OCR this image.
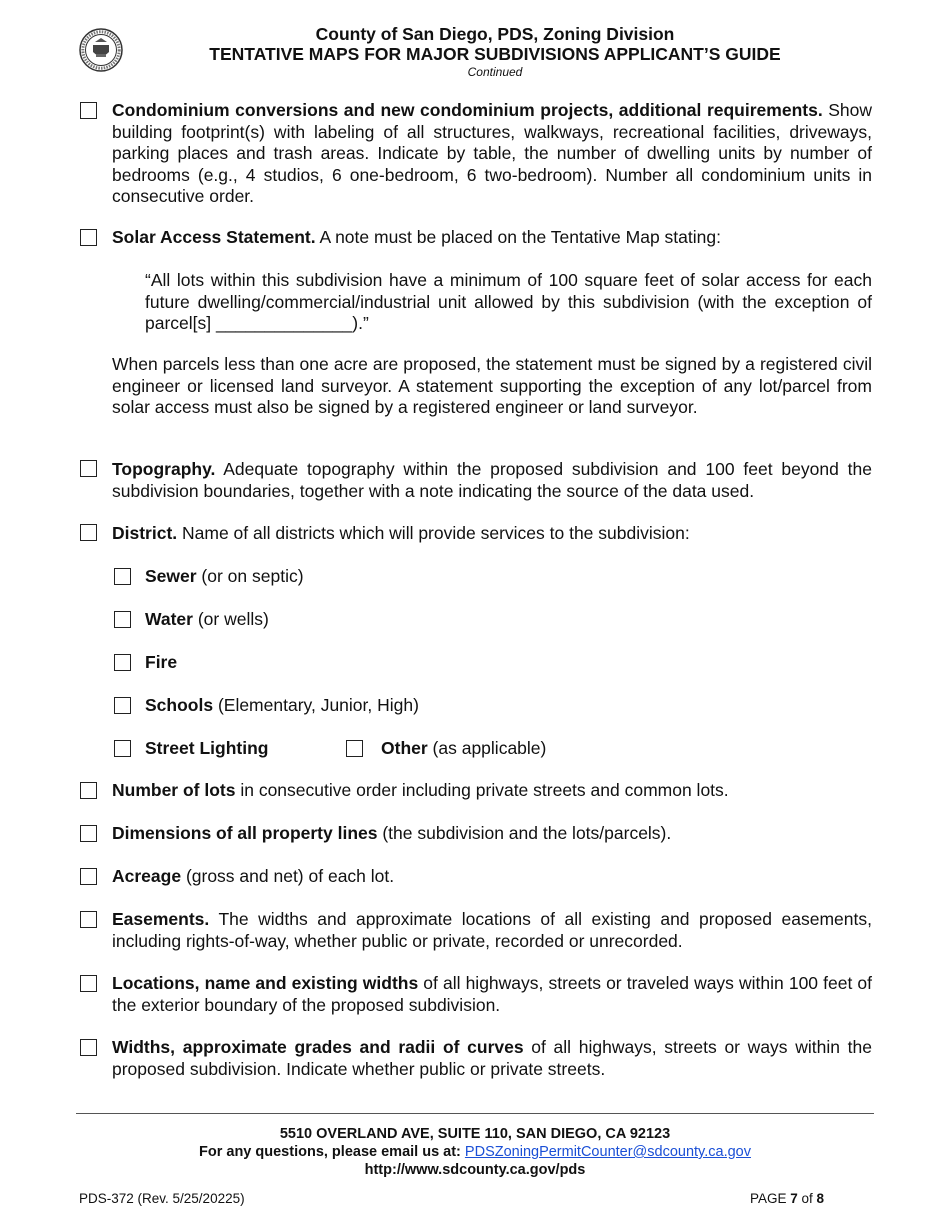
County of San Diego, PDS, Zoning Division
TENTATIVE MAPS FOR MAJOR SUBDIVISIONS APPLICANT’S GUIDE
Continued
Condominium conversions and new condominium projects, additional requirements. Show building footprint(s) with labeling of all structures, walkways, recreational facilities, driveways, parking places and trash areas. Indicate by table, the number of dwelling units by number of bedrooms (e.g., 4 studios, 6 one-bedroom, 6 two-bedroom). Number all condominium units in consecutive order.
Solar Access Statement. A note must be placed on the Tentative Map stating:
“All lots within this subdivision have a minimum of 100 square feet of solar access for each future dwelling/commercial/industrial unit allowed by this subdivision (with the exception of parcel[s] ______________).”
When parcels less than one acre are proposed, the statement must be signed by a registered civil engineer or licensed land surveyor. A statement supporting the exception of any lot/parcel from solar access must also be signed by a registered engineer or land surveyor.
Topography. Adequate topography within the proposed subdivision and 100 feet beyond the subdivision boundaries, together with a note indicating the source of the data used.
District. Name of all districts which will provide services to the subdivision:
Sewer (or on septic)
Water (or wells)
Fire
Schools (Elementary, Junior, High)
Street Lighting	Other (as applicable)
Number of lots in consecutive order including private streets and common lots.
Dimensions of all property lines (the subdivision and the lots/parcels).
Acreage (gross and net) of each lot.
Easements. The widths and approximate locations of all existing and proposed easements, including rights-of-way, whether public or private, recorded or unrecorded.
Locations, name and existing widths of all highways, streets or traveled ways within 100 feet of the exterior boundary of the proposed subdivision.
Widths, approximate grades and radii of curves of all highways, streets or ways within the proposed subdivision. Indicate whether public or private streets.
5510 OVERLAND AVE, SUITE 110, SAN DIEGO, CA 92123
For any questions, please email us at: PDSZoningPermitCounter@sdcounty.ca.gov
http://www.sdcounty.ca.gov/pds
PDS-372 (Rev. 5/25/20225)	PAGE 7 of 8
